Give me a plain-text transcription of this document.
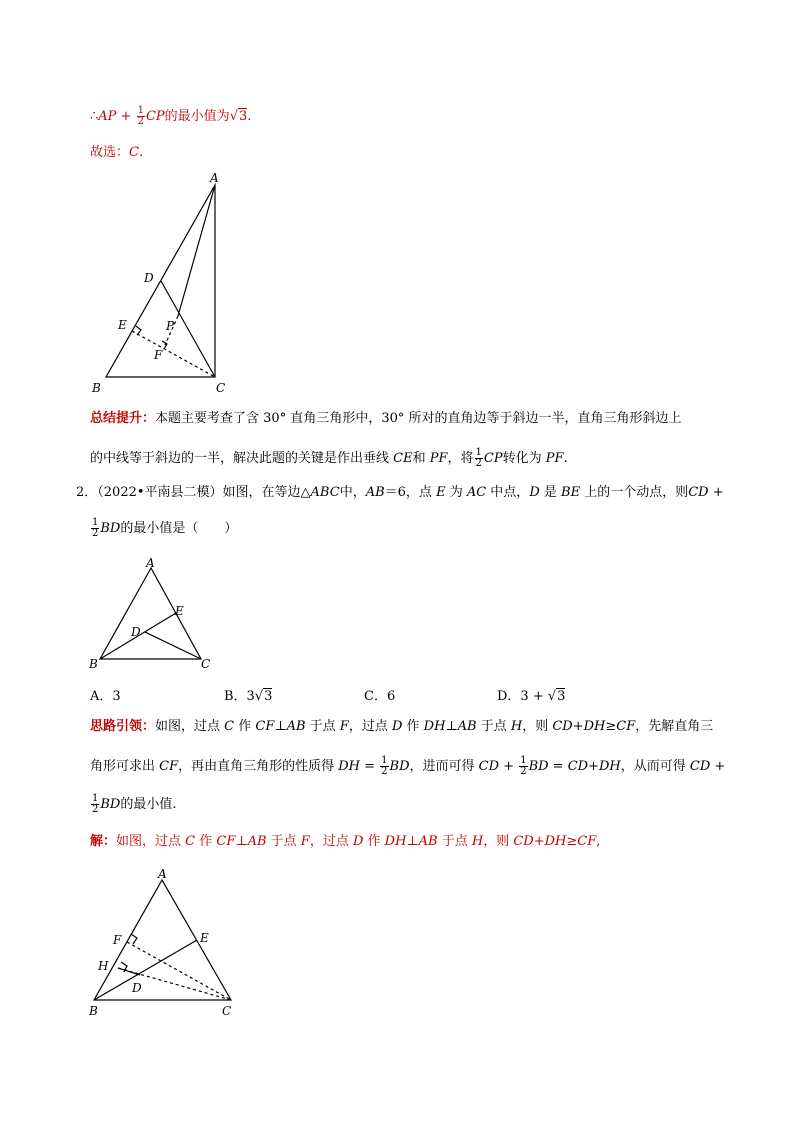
∴AP + $\frac{1}{2}$ CP的最小值为√3.
故选：C.
A
B	C
D
E	P
F
总结提升：本题主要考查了含 30° 直角三角形中，30° 所对的直角边等于斜边一半，直角三角形斜边上
的中线等于斜边的一半，解决此题的关键是作出垂线 CE和 PF，将 $\frac{1}{2}$ CP转化为 PF.
2．（2022•平南县二模）如图，在等边△ABC中，AB＝6，点 E 为 AC 中点，D 是 BE 上的一个动点，则CD +
$\frac{1}{2}$ BD的最小值是（　　）
A
B	C
D
E
A．3	B．3√3	C．6	D．3 + √3
思路引领：如图，过点 C 作 CF⊥AB 于点 F，过点 D 作 DH⊥AB 于点 H，则 CD+DH≥CF，先解直角三
角形可求出 CF，再由直角三角形的性质得 DH = $\frac{1}{2}$ BD，进而可得 CD + $\frac{1}{2}$ BD = CD+DH，从而可得 CD +
$\frac{1}{2}$ BD的最小值.
解：如图，过点 C 作 CF⊥AB 于点 F，过点 D 作 DH⊥AB 于点 H，则 CD+DH≥CF,
A
B	C
D
E
F
H
